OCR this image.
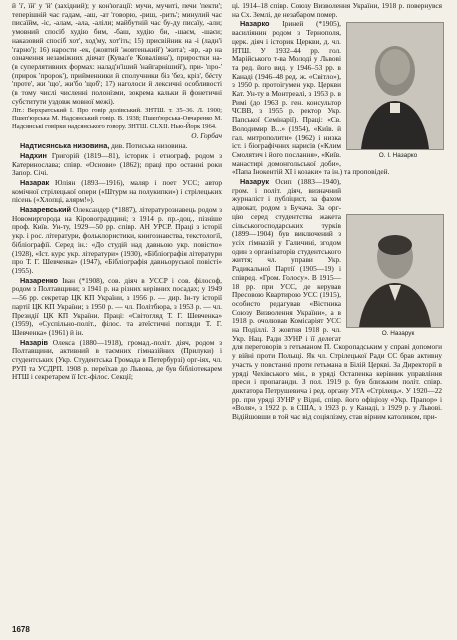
й 'і', їй' у 'й' (західний); у кон'югації: мучи, мучиті, печи 'пекти'; теперішній час гадам, -аш, -ат 'говорю, -риш, -рить'; минулий час писаїйм, -іс, -алам, -ала, -аліли; майбутній час бу-ду писаїу, -али; умовний спосіб худію бим, -баш, худію би, -шаєм, -шаєи; наказовий спосіб хот', ход'му, хот'іть; 15) присвійник на -і (ладн'і 'гарно'); 16) нарости -ек, (жовтий 'жовтенький') 'жита'; -вр, -ар на означення незаміжних дівчат (Кувал'е 'Ковалівна'), приростки на- (в суперлятивних формах: налад'н'іший 'найгарніший'), при- 'про-' (прирок 'пророк'), прийменники й сполучники бiз 'без, крiз', бéсту 'проте', жи 'що', жи'бо 'щоб'; 17) наголоси й лексичні особливості (в тому числі численні полонізми, зокрема кальки й фонетичні субститути уздовж мовної межі).

Літ.: Верхратський І. Про говір долівський. ЗНТШ. т. 35–36. Л. 1900; Пшеп'юрська М. Надсянський говір. В. 1938; Пшеп'юрська-Овчаренко М. Надсянські говірки надсянського говору. ЗНТШ. CLXII. Нью-Йорк 1964.

О. Горбач

Надтисянська низовина, див. Потиська низовина.

Надхин Григорій (1819—81), історик і етнограф, родом з Катеринослава; співр. «Основи» (1862); праці про останні роки Запор. Січі.

Назарак Юліян (1893—1916), маляр і поет УСС; автор комічної стрілецької опери («Штурм на полукипки») і стрілецьких пісень («Хлопці, алярм!»).

Назаревський Олександер (*1887), літературознавець родом з Новомиргорода на Кіровоградщині; з 1914 р. пр.-доц., пізніше проф. Київ. Ун-ту, 1929—50 рр. співр. АН УРСР. Праці з історії укр. і рос. літератури, фольклористики, книгознавства, текстології, бібліографії. Серед ін.: «До студій над давньою укр. повістю» (1928), «Іст. курс укр. літератури» (1930), «Бібліографія літератури про Т. Г. Шевченка» (1947), «Бібліографія давньоруської повісті» (1955).

Назаренко Іван (*1908), сов. діяч в УССР і сов. філософ, родом з Полтавщини; з 1941 р. на різних керівних посадах; у 1949—56 рр. секретар ЦК КП України, з 1956 р. — дир. Ін-ту історії партії ЦК КП України; з 1950 р. — чл. Політбюра, з 1953 р. — чл. Президії ЦК КП України. Праці: «Світогляд Т. Г. Шевченка» (1959), «Суспільно-політ., філос. та атеїстичні погляди Т. Г. Шевченка» (1961) й ін.

Назарів Олекса (1880—1918), громад.-політ. діяч, родом з Полтавщини, активний в таємних гімназійних (Прилуки) і студентських (Укр. Студентська Громада в Петербурзі) орг-іях, чл. РУП та УСДРП. 1908 р. переїхав до Львова, де був бібліотекарем НТШ і секретарем її Іст.-філос. Секції;

ці. 1914–18 співр. Союзу Визволення України, 1918 р. повернувся на Сх. Землі, де незабаром помер.

О. І. Назарко
Назарко Іриней (*1905), василіянин родом з Тернополя, церк. діяч і історик Церкви, д. чл. НТШ. У 1932–44 рр. гол. Марійського т-ва Молоді у Львові та ред. його вид. у 1946–53 рр. в Канаді (1946–48 ред. ж. «Світло»), з 1950 р. протоігумен укр. Церкви Кат. Ун-ту в Монтреалі, з 1953 р. в Римі (до 1963 р. ген. консультор ЧСВВ, з 1955 р. ректор Укр. Папської Семінарії). Праці: «Св. Володимир В...» (1954), «Київ. й гал. митрополити» (1962) і низка іст. і біографічних нарисів («Клим Смолятич і його послання», «Київ. манастирі домонгольської доби», «Папа Інокентій XI і козаки» та ін.) та проповідей.

О. Назарук
Назарук Осип (1883—1940), гром. і політ. діяч, визначний журналіст і публіцист, за фахом адвокат, родом з Бучача. За орг-цію серед студентства жакета сільськогосподарських турків (1899—1904) був виключений з усіх гімназій у Галичині, згодом один з організаторів студентського життя; чл. управи Укр. Радикальної Партії (1905—19) і співред. «Гром. Голосу». В 1915—18 рр. при УСС, де керував Пресовою Квартирою УСС (1915), особисто редагував «Вістника Союзу Визволення України», а в 1918 р. очолював Комісаріят УСС на Поділлі. З жовтня 1918 р. чл. Укр. Нац. Ради ЗУНР і її делегат для переговорів з гетьманом П. Скоропадським у справі допомоги у війні проти Польщі. Як чл. Стрілецької Ради СС брав активну участь у повстанні проти гетьмана в Білій Церкві. За Директорії в уряді Чехівського мін., в уряді Остапенка керівник управління преси і пропаганди. З пол. 1919 р. був близьким політ. співр. диктатора Петрушевича і ред. органу УГА «Стрілець». У 1920—22 рр. при уряді ЗУНР у Відні, співр. його офіціозу «Укр. Прапор» і «Воля», з 1922 р. в США, з 1923 р. у Канаді, з 1929 р. у Львові. Відійшовши в той час від соціялізму, став вірним католиком, при-

1678
